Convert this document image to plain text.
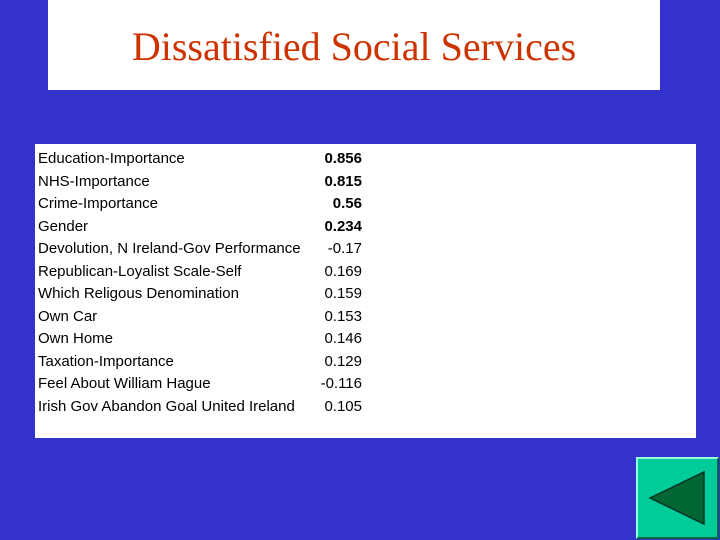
Dissatisfied Social Services
Education-Importance	0.856
NHS-Importance	0.815
Crime-Importance	0.56
Gender	0.234
Devolution, N Ireland-Gov Performance	-0.17
Republican-Loyalist Scale-Self	0.169
Which Religous Denomination	0.159
Own Car	0.153
Own Home	0.146
Taxation-Importance	0.129
Feel About William Hague	-0.116
Irish Gov Abandon Goal United Ireland	0.105
